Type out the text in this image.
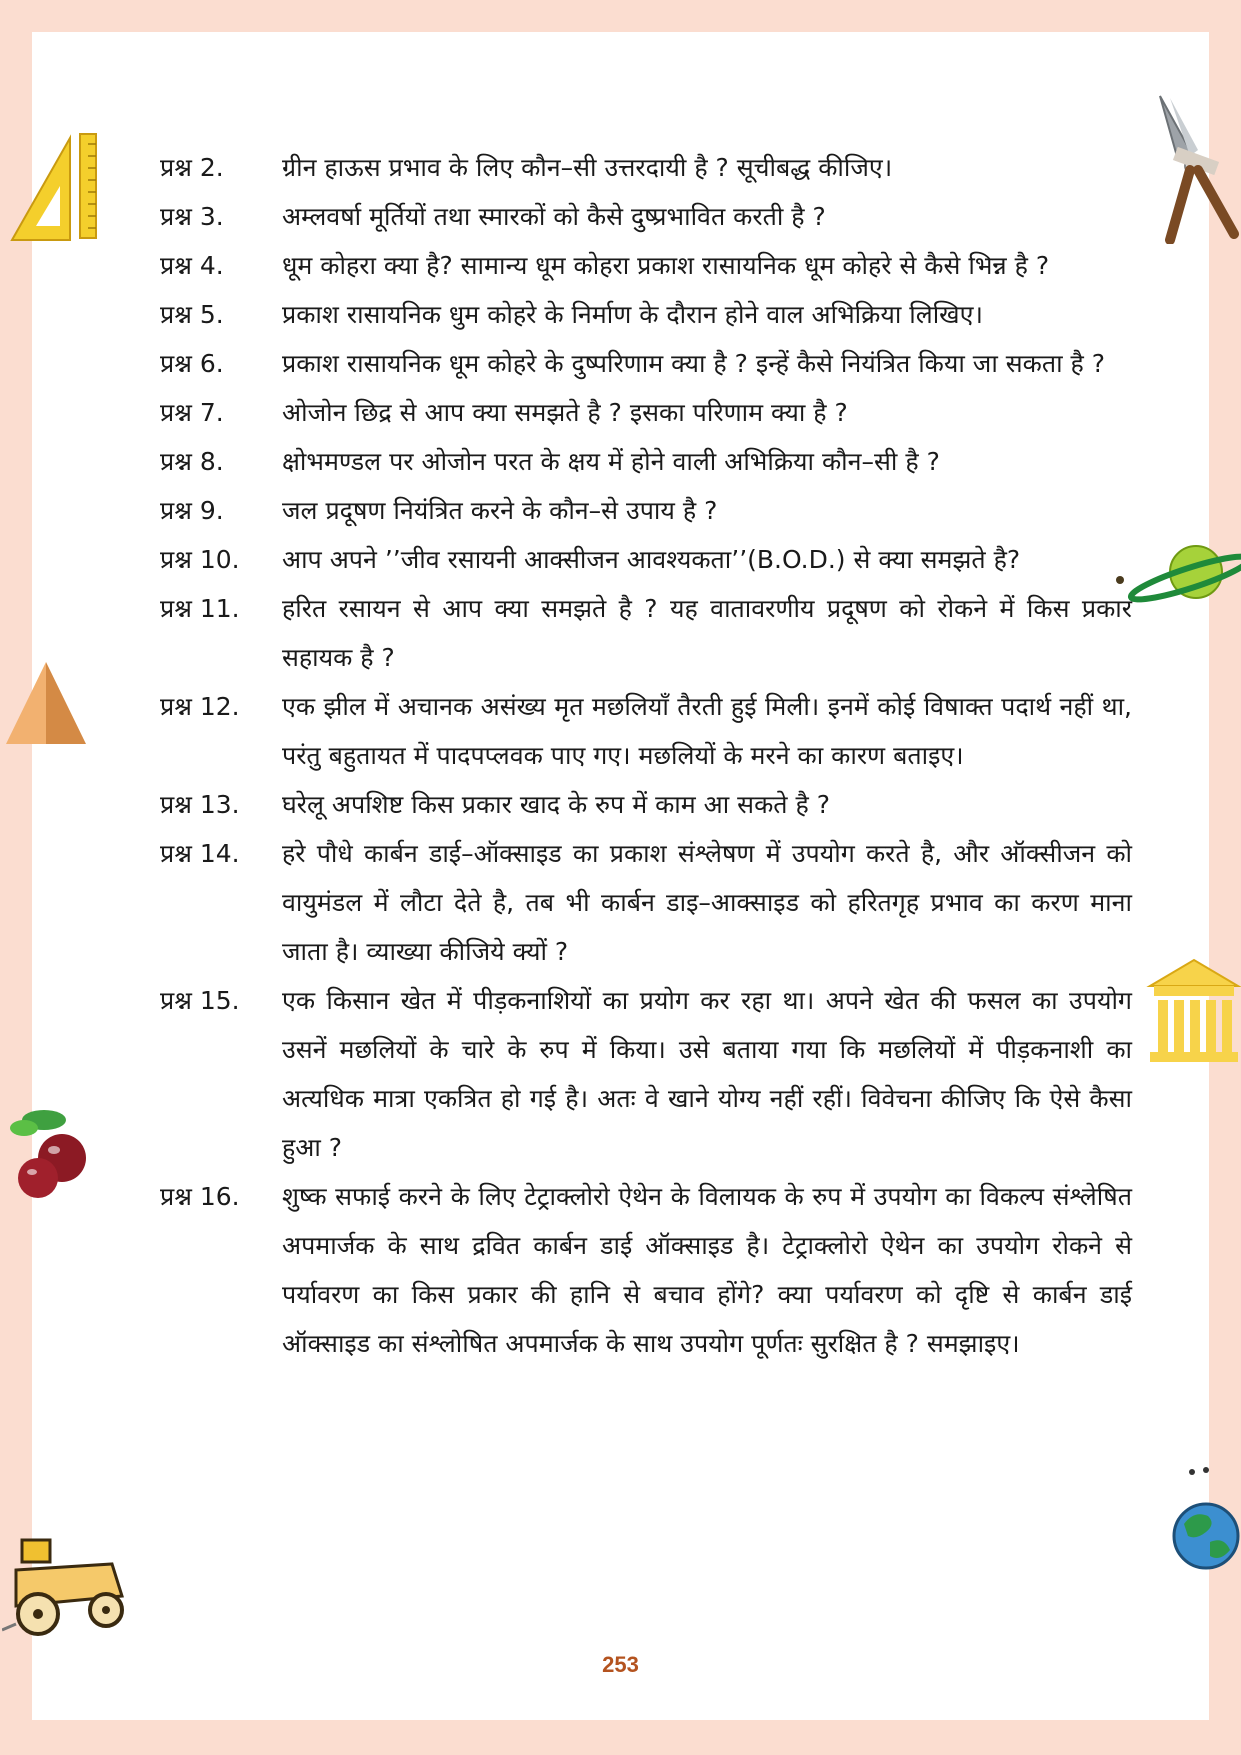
प्रश्न 2.	ग्रीन हाऊस प्रभाव के लिए कौन–सी उत्तरदायी है ? सूचीबद्ध कीजिए।
प्रश्न 3.	अम्लवर्षा मूर्तियों तथा स्मारकों को कैसे दुष्प्रभावित करती है ?
प्रश्न 4.	धूम कोहरा क्या है? सामान्य धूम कोहरा प्रकाश रासायनिक धूम कोहरे से कैसे भिन्न है ?
प्रश्न 5.	प्रकाश रासायनिक धुम कोहरे के निर्माण के दौरान होने वाल अभिक्रिया लिखिए।
प्रश्न 6.	प्रकाश रासायनिक धूम कोहरे के दुष्परिणाम क्या है ? इन्हें कैसे नियंत्रित किया जा सकता है ?
प्रश्न 7.	ओजोन छिद्र से आप क्या समझते है ? इसका परिणाम क्या है ?
प्रश्न 8.	क्षोभमण्डल पर ओजोन परत के क्षय में होने वाली अभिक्रिया कौन–सी है ?
प्रश्न 9.	जल प्रदूषण नियंत्रित करने के कौन–से उपाय है ?
प्रश्न 10.	आप अपने ’’जीव रसायनी आक्सीजन आवश्यकता’’(B.O.D.) से क्या समझते है?
प्रश्न 11.	हरित रसायन से आप क्या समझते है ? यह वातावरणीय प्रदूषण को रोकने में किस प्रकार सहायक है ?
प्रश्न 12.	एक झील में अचानक असंख्य मृत मछलियाँ तैरती हुई मिली। इनमें कोई विषाक्त पदार्थ नहीं था, परंतु बहुतायत में पादपप्लवक पाए गए। मछलियों के मरने का कारण बताइए।
प्रश्न 13.	घरेलू अपशिष्ट किस प्रकार खाद के रुप में काम आ सकते है ?
प्रश्न 14.	हरे पौधे कार्बन डाई–ऑक्साइड का प्रकाश संश्लेषण में उपयोग करते है, और ऑक्सीजन को वायुमंडल में लौटा देते है, तब भी कार्बन डाइ–आक्साइड को हरितगृह प्रभाव का करण माना जाता है। व्याख्या कीजिये क्यों ?
प्रश्न 15.	एक किसान खेत में पीड़कनाशियों का प्रयोग कर रहा था। अपने खेत की फसल का उपयोग उसनें मछलियों के चारे के रुप में किया। उसे बताया गया कि मछलियों में पीड़कनाशी का अत्यधिक मात्रा एकत्रित हो गई है। अतः वे खाने योग्य नहीं रहीं। विवेचना कीजिए कि ऐसे कैसा हुआ ?
प्रश्न 16.	शुष्क सफाई करने के लिए टेट्राक्लोरो ऐथेन के विलायक के रुप में उपयोग का विकल्प संश्लेषित अपमार्जक के साथ द्रवित कार्बन डाई ऑक्साइड है। टेट्राक्लोरो ऐथेन का उपयोग रोकने से पर्यावरण का किस प्रकार की हानि से बचाव होंगे? क्या पर्यावरण को दृष्टि से कार्बन डाई ऑक्साइड का संश्लोषित अपमार्जक के साथ उपयोग पूर्णतः सुरक्षित है ? समझाइए।
253
